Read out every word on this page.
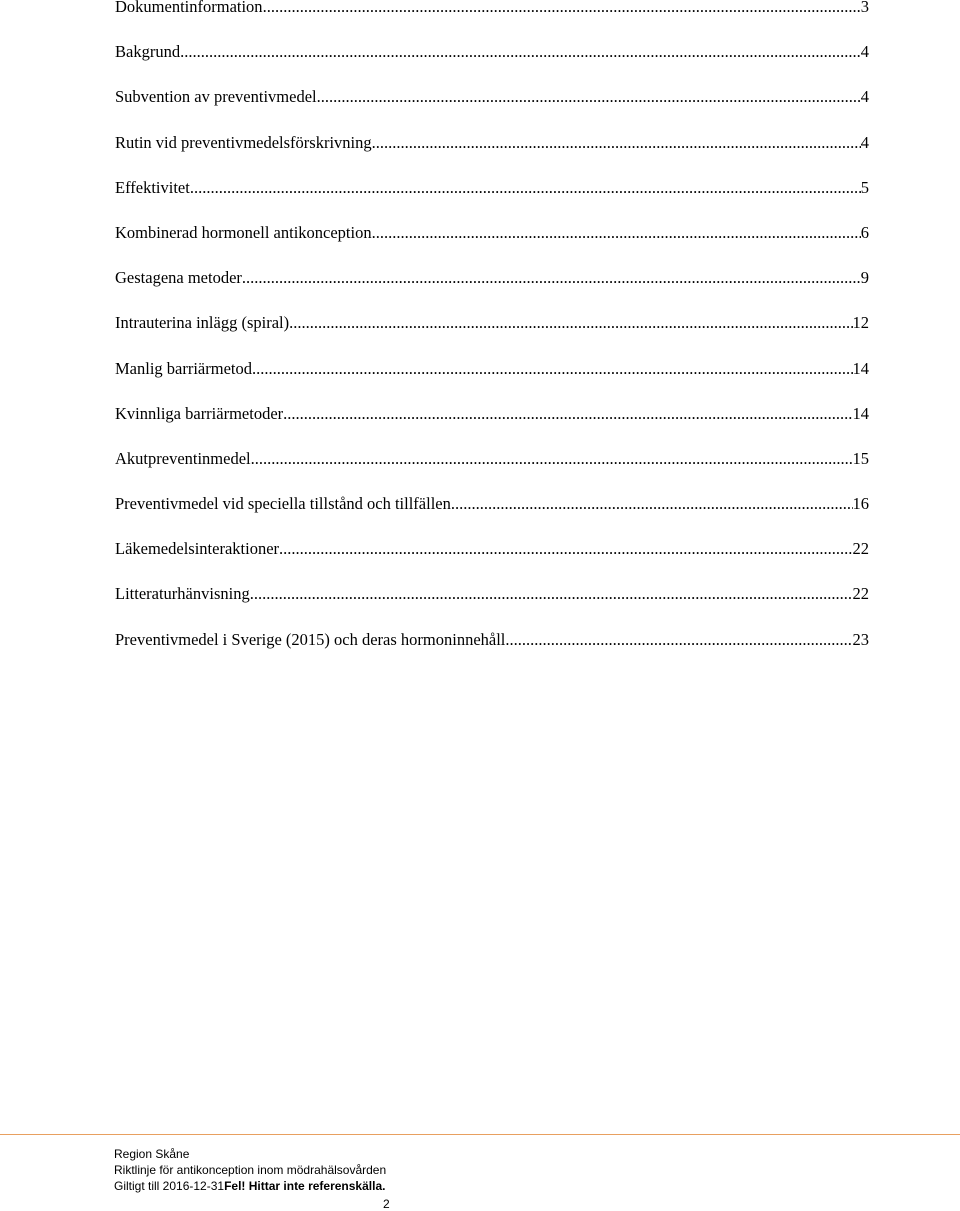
Dokumentinformation .....	3
Bakgrund .....	4
Subvention av preventivmedel .....	4
Rutin vid preventivmedelsförskrivning .....	4
Effektivitet .....	5
Kombinerad hormonell antikonception .....	6
Gestagena metoder .....	9
Intrauterina inlägg (spiral) .....	12
Manlig barriärmetod .....	14
Kvinnliga barriärmetoder .....	14
Akutpreventinmedel .....	15
Preventivmedel vid speciella tillstånd och tillfällen .....	16
Läkemedelsinteraktioner .....	22
Litteraturhänvisning .....	22
Preventivmedel i Sverige (2015) och deras hormoninnehåll .....	23
Region Skåne
Riktlinje för antikonception inom mödrahälsovården
Giltigt till 2016-12-31Fel! Hittar inte referenskälla.
2
